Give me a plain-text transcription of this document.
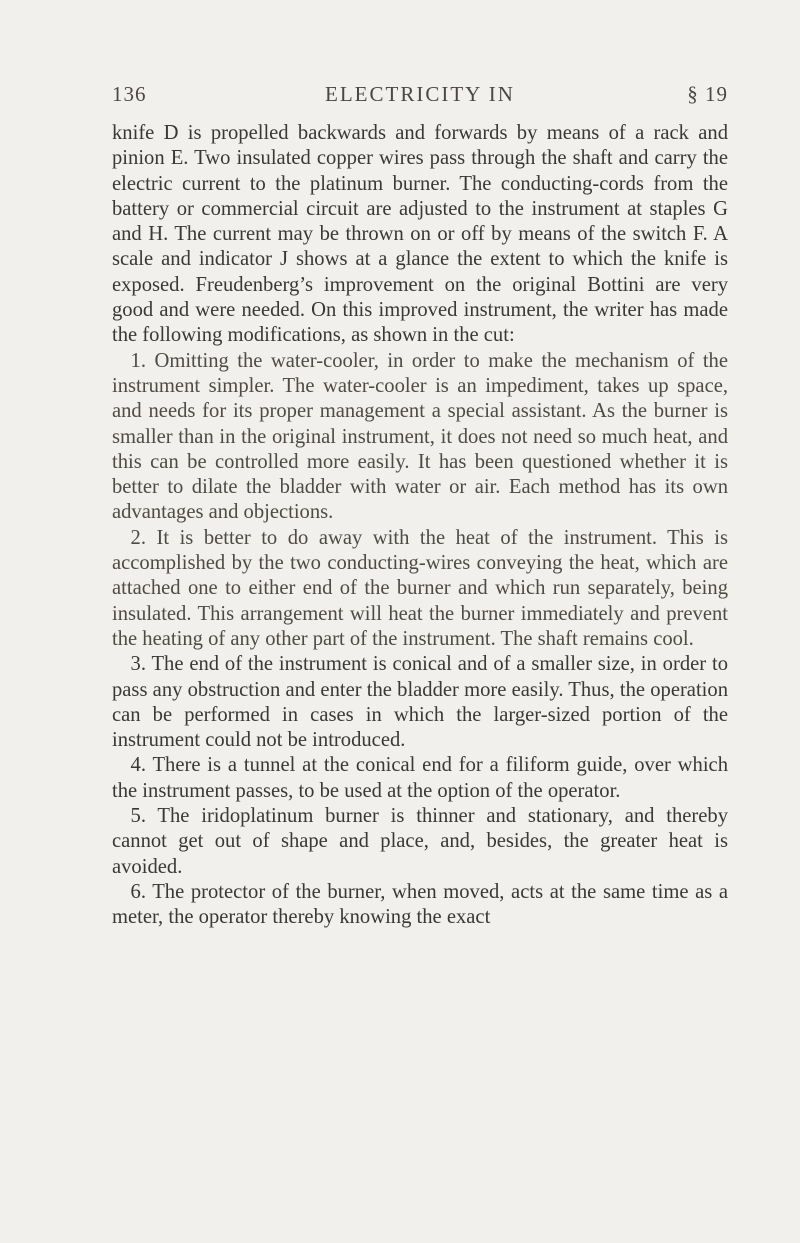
136	ELECTRICITY IN	§ 19

knife D is propelled backwards and forwards by means of a rack and pinion E. Two insulated copper wires pass through the shaft and carry the electric current to the platinum burner. The conducting-cords from the battery or commercial circuit are adjusted to the instrument at staples G and H. The current may be thrown on or off by means of the switch F. A scale and indicator J shows at a glance the extent to which the knife is exposed. Freudenberg’s improvement on the original Bottini are very good and were needed. On this improved instrument, the writer has made the following modifications, as shown in the cut:

1. Omitting the water-cooler, in order to make the mechanism of the instrument simpler. The water-cooler is an impediment, takes up space, and needs for its proper management a special assistant. As the burner is smaller than in the original instrument, it does not need so much heat, and this can be controlled more easily. It has been questioned whether it is better to dilate the bladder with water or air. Each method has its own advantages and objections.

2. It is better to do away with the heat of the instrument. This is accomplished by the two conducting-wires conveying the heat, which are attached one to either end of the burner and which run separately, being insulated. This arrangement will heat the burner immediately and prevent the heating of any other part of the instrument. The shaft remains cool.

3. The end of the instrument is conical and of a smaller size, in order to pass any obstruction and enter the bladder more easily. Thus, the operation can be performed in cases in which the larger-sized portion of the instrument could not be introduced.

4. There is a tunnel at the conical end for a filiform guide, over which the instrument passes, to be used at the option of the operator.

5. The iridoplatinum burner is thinner and stationary, and thereby cannot get out of shape and place, and, besides, the greater heat is avoided.

6. The protector of the burner, when moved, acts at the same time as a meter, the operator thereby knowing the exact
